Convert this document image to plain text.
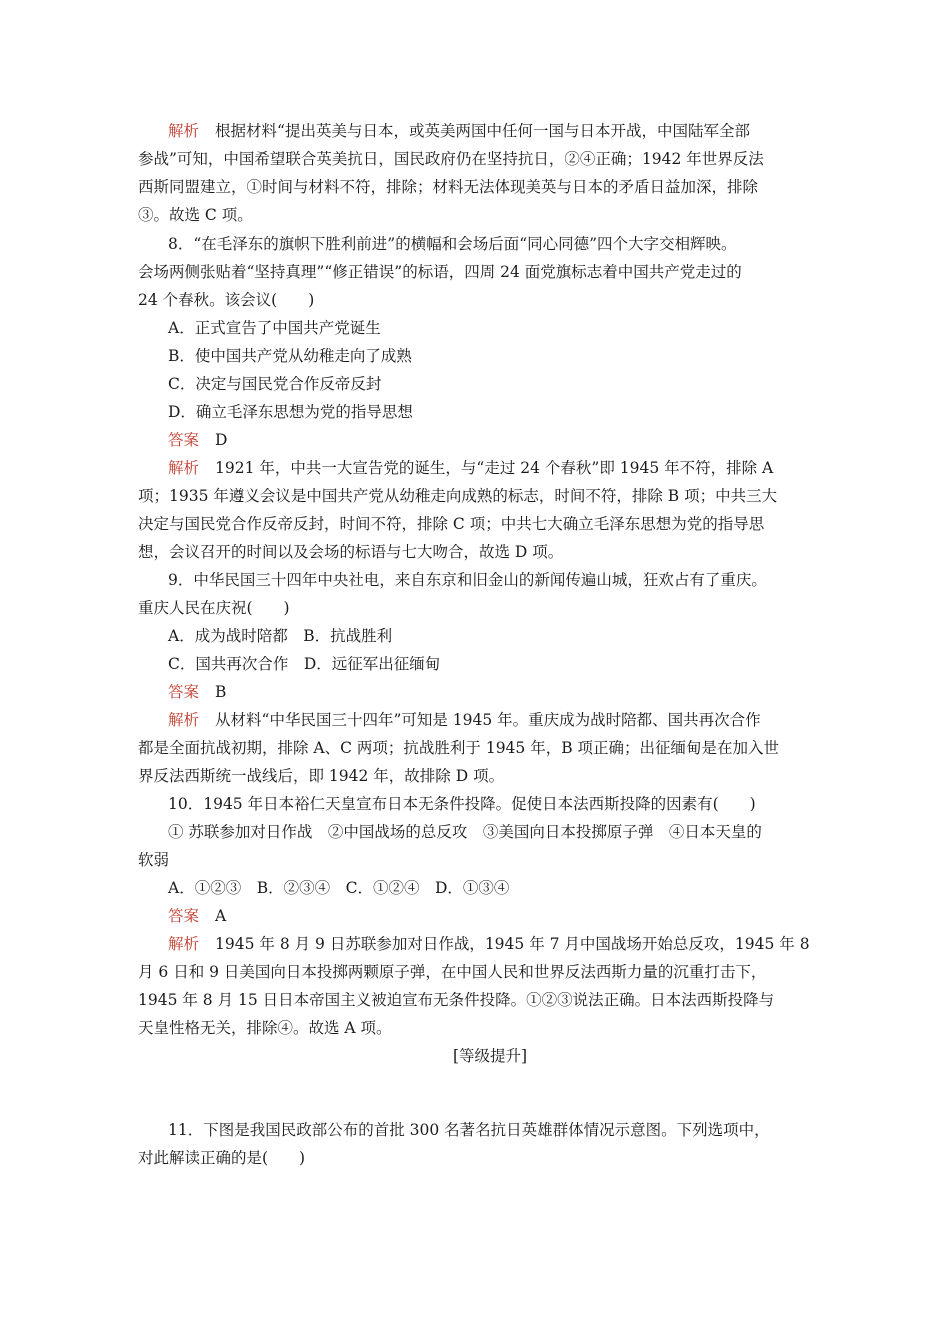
解析 根据材料“提出英美与日本，或英美两国中任何一国与日本开战，中国陆军全部
参战”可知，中国希望联合英美抗日，国民政府仍在坚持抗日，②④正确；1942 年世界反法
西斯同盟建立，①时间与材料不符，排除；材料无法体现美英与日本的矛盾日益加深，排除
③。故选 C 项。
8．“在毛泽东的旗帜下胜利前进”的横幅和会场后面“同心同德”四个大字交相辉映。
会场两侧张贴着“坚持真理”“修正错误”的标语，四周 24 面党旗标志着中国共产党走过的
24 个春秋。该会议(　　)
A．正式宣告了中国共产党诞生
B．使中国共产党从幼稚走向了成熟
C．决定与国民党合作反帝反封
D．确立毛泽东思想为党的指导思想
答案 D
解析 1921 年，中共一大宣告党的诞生，与“走过 24 个春秋”即 1945 年不符，排除 A
项；1935 年遵义会议是中国共产党从幼稚走向成熟的标志，时间不符，排除 B 项；中共三大
决定与国民党合作反帝反封，时间不符，排除 C 项；中共七大确立毛泽东思想为党的指导思
想，会议召开的时间以及会场的标语与七大吻合，故选 D 项。
9．中华民国三十四年中央社电，来自东京和旧金山的新闻传遍山城，狂欢占有了重庆。
重庆人民在庆祝(　　)
A．成为战时陪都　B．抗战胜利
C．国共再次合作　D．远征军出征缅甸
答案 B
解析 从材料“中华民国三十四年”可知是 1945 年。重庆成为战时陪都、国共再次合作
都是全面抗战初期，排除 A、C 两项；抗战胜利于 1945 年，B 项正确；出征缅甸是在加入世
界反法西斯统一战线后，即 1942 年，故排除 D 项。
10．1945 年日本裕仁天皇宣布日本无条件投降。促使日本法西斯投降的因素有(　　)
① 苏联参加对日作战　②中国战场的总反攻　③美国向日本投掷原子弹　④日本天皇的
软弱
A．①②③　B．②③④　C．①②④　D．①③④
答案 A
解析 1945 年 8 月 9 日苏联参加对日作战，1945 年 7 月中国战场开始总反攻，1945 年 8
月 6 日和 9 日美国向日本投掷两颗原子弹，在中国人民和世界反法西斯力量的沉重打击下，
1945 年 8 月 15 日日本帝国主义被迫宣布无条件投降。①②③说法正确。日本法西斯投降与
天皇性格无关，排除④。故选 A 项。
[等级提升]
11．下图是我国民政部公布的首批 300 名著名抗日英雄群体情况示意图。下列选项中，
对此解读正确的是(　　)
